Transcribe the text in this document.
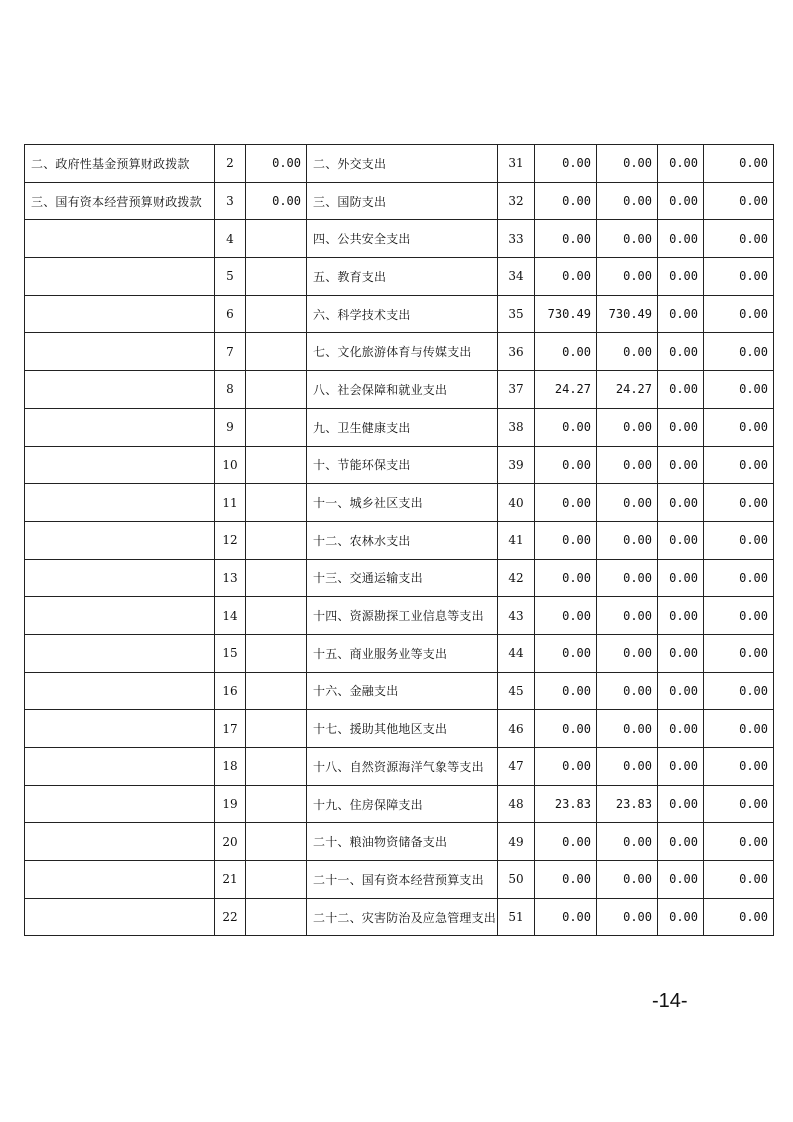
二、政府性基金预算财政拨款	2	0.00	二、外交支出	31	0.00	0.00	0.00	0.00
三、国有资本经营预算财政拨款	3	0.00	三、国防支出	32	0.00	0.00	0.00	0.00
	4		四、公共安全支出	33	0.00	0.00	0.00	0.00
	5		五、教育支出	34	0.00	0.00	0.00	0.00
	6		六、科学技术支出	35	730.49	730.49	0.00	0.00
	7		七、文化旅游体育与传媒支出	36	0.00	0.00	0.00	0.00
	8		八、社会保障和就业支出	37	24.27	24.27	0.00	0.00
	9		九、卫生健康支出	38	0.00	0.00	0.00	0.00
	10		十、节能环保支出	39	0.00	0.00	0.00	0.00
	11		十一、城乡社区支出	40	0.00	0.00	0.00	0.00
	12		十二、农林水支出	41	0.00	0.00	0.00	0.00
	13		十三、交通运输支出	42	0.00	0.00	0.00	0.00
	14		十四、资源勘探工业信息等支出	43	0.00	0.00	0.00	0.00
	15		十五、商业服务业等支出	44	0.00	0.00	0.00	0.00
	16		十六、金融支出	45	0.00	0.00	0.00	0.00
	17		十七、援助其他地区支出	46	0.00	0.00	0.00	0.00
	18		十八、自然资源海洋气象等支出	47	0.00	0.00	0.00	0.00
	19		十九、住房保障支出	48	23.83	23.83	0.00	0.00
	20		二十、粮油物资储备支出	49	0.00	0.00	0.00	0.00
	21		二十一、国有资本经营预算支出	50	0.00	0.00	0.00	0.00
	22		二十二、灾害防治及应急管理支出	51	0.00	0.00	0.00	0.00
-14-
